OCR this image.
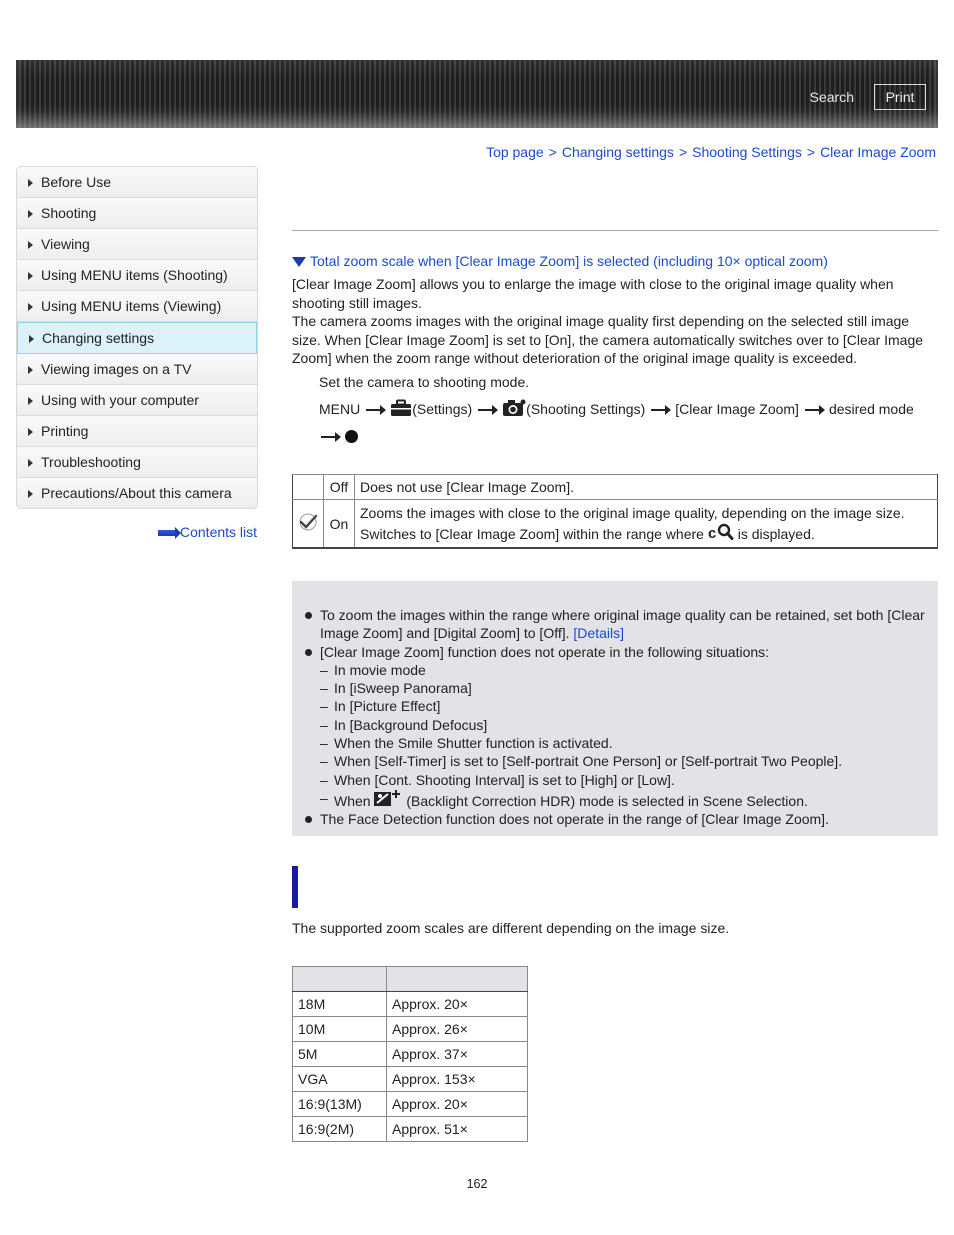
Search	Print
Top page > Changing settings > Shooting Settings > Clear Image Zoom
Before Use
Shooting
Viewing
Using MENU items (Shooting)
Using MENU items (Viewing)
Changing settings
Viewing images on a TV
Using with your computer
Printing
Troubleshooting
Precautions/About this camera
Contents list
Total zoom scale when [Clear Image Zoom] is selected (including 10× optical zoom)
[Clear Image Zoom] allows you to enlarge the image with close to the original image quality when shooting still images.
The camera zooms images with the original image quality first depending on the selected still image size. When [Clear Image Zoom] is set to [On], the camera automatically switches over to [Clear Image Zoom] when the zoom range without deterioration of the original image quality is exceeded.
Set the camera to shooting mode.
MENU	(Settings)	(Shooting Settings) [Clear Image Zoom] desired mode

	Off	Does not use [Clear Image Zoom].
	On	Zooms the images with close to the original image quality, depending on the image size.
Switches to [Clear Image Zoom] within the range where c is displayed.
To zoom the images within the range where original image quality can be retained, set both [Clear Image Zoom] and [Digital Zoom] to [Off]. [Details]
[Clear Image Zoom] function does not operate in the following situations:
– In movie mode
– In [iSweep Panorama]
– In [Picture Effect]
– In [Background Defocus]
– When the Smile Shutter function is activated.
– When [Self-Timer] is set to [Self-portrait One Person] or [Self-portrait Two People].
– When [Cont. Shooting Interval] is set to [High] or [Low].
– When	(Backlight Correction HDR) mode is selected in Scene Selection.
The Face Detection function does not operate in the range of [Clear Image Zoom].
The supported zoom scales are different depending on the image size.

18M	Approx. 20×
10M	Approx. 26×
5M	Approx. 37×
VGA	Approx. 153×
16:9(13M)	Approx. 20×
16:9(2M)	Approx. 51×
162
